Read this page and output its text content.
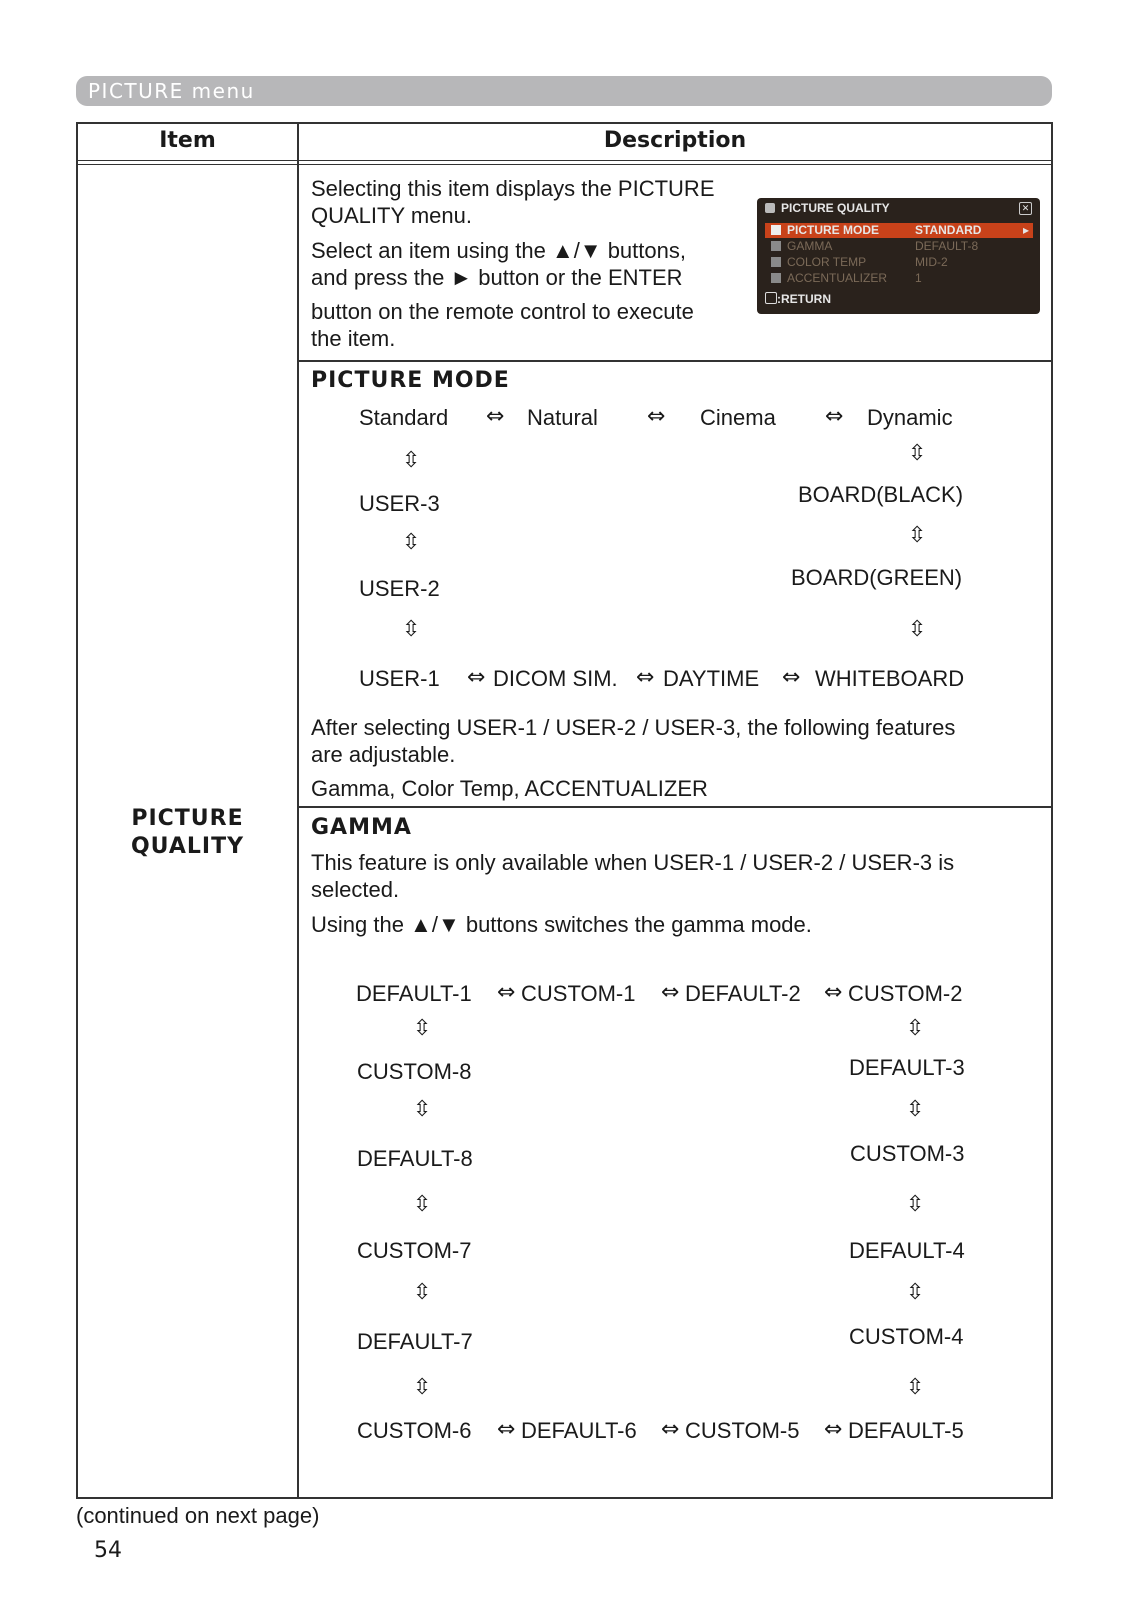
PICTURE menu
Item	Description
PICTURE
QUALITY
Selecting this item displays the PICTURE
QUALITY menu.
Select an item using the ▲/▼ buttons,
and press the ► button or the ENTER
button on the remote control to execute
the item.
PICTURE QUALITY	✕
PICTURE MODE	STANDARD	▸
GAMMA	DEFAULT-8
COLOR TEMP	MID-2
ACCENTUALIZER 1
:RETURN
PICTURE MODE
Standard ⇔ Natural ⇔ Cinema ⇔ Dynamic
⇳	⇳
USER-3	BOARD(BLACK)
⇳	⇳
USER-2	BOARD(GREEN)
⇳	⇳
USER-1 ⇔ DICOM SIM. ⇔ DAYTIME ⇔ WHITEBOARD
After selecting USER-1 / USER-2 / USER-3, the following features
are adjustable.
Gamma, Color Temp, ACCENTUALIZER
GAMMA
This feature is only available when USER-1 / USER-2 / USER-3 is
selected.
Using the ▲/▼ buttons switches the gamma mode.
DEFAULT-1 ⇔ CUSTOM-1 ⇔ DEFAULT-2 ⇔ CUSTOM-2
⇳	⇳
CUSTOM-8	DEFAULT-3
⇳	⇳
DEFAULT-8	CUSTOM-3
⇳	⇳
CUSTOM-7	DEFAULT-4
⇳	⇳
DEFAULT-7	CUSTOM-4
⇳	⇳
CUSTOM-6 ⇔ DEFAULT-6 ⇔ CUSTOM-5 ⇔ DEFAULT-5
(continued on next page)
54
